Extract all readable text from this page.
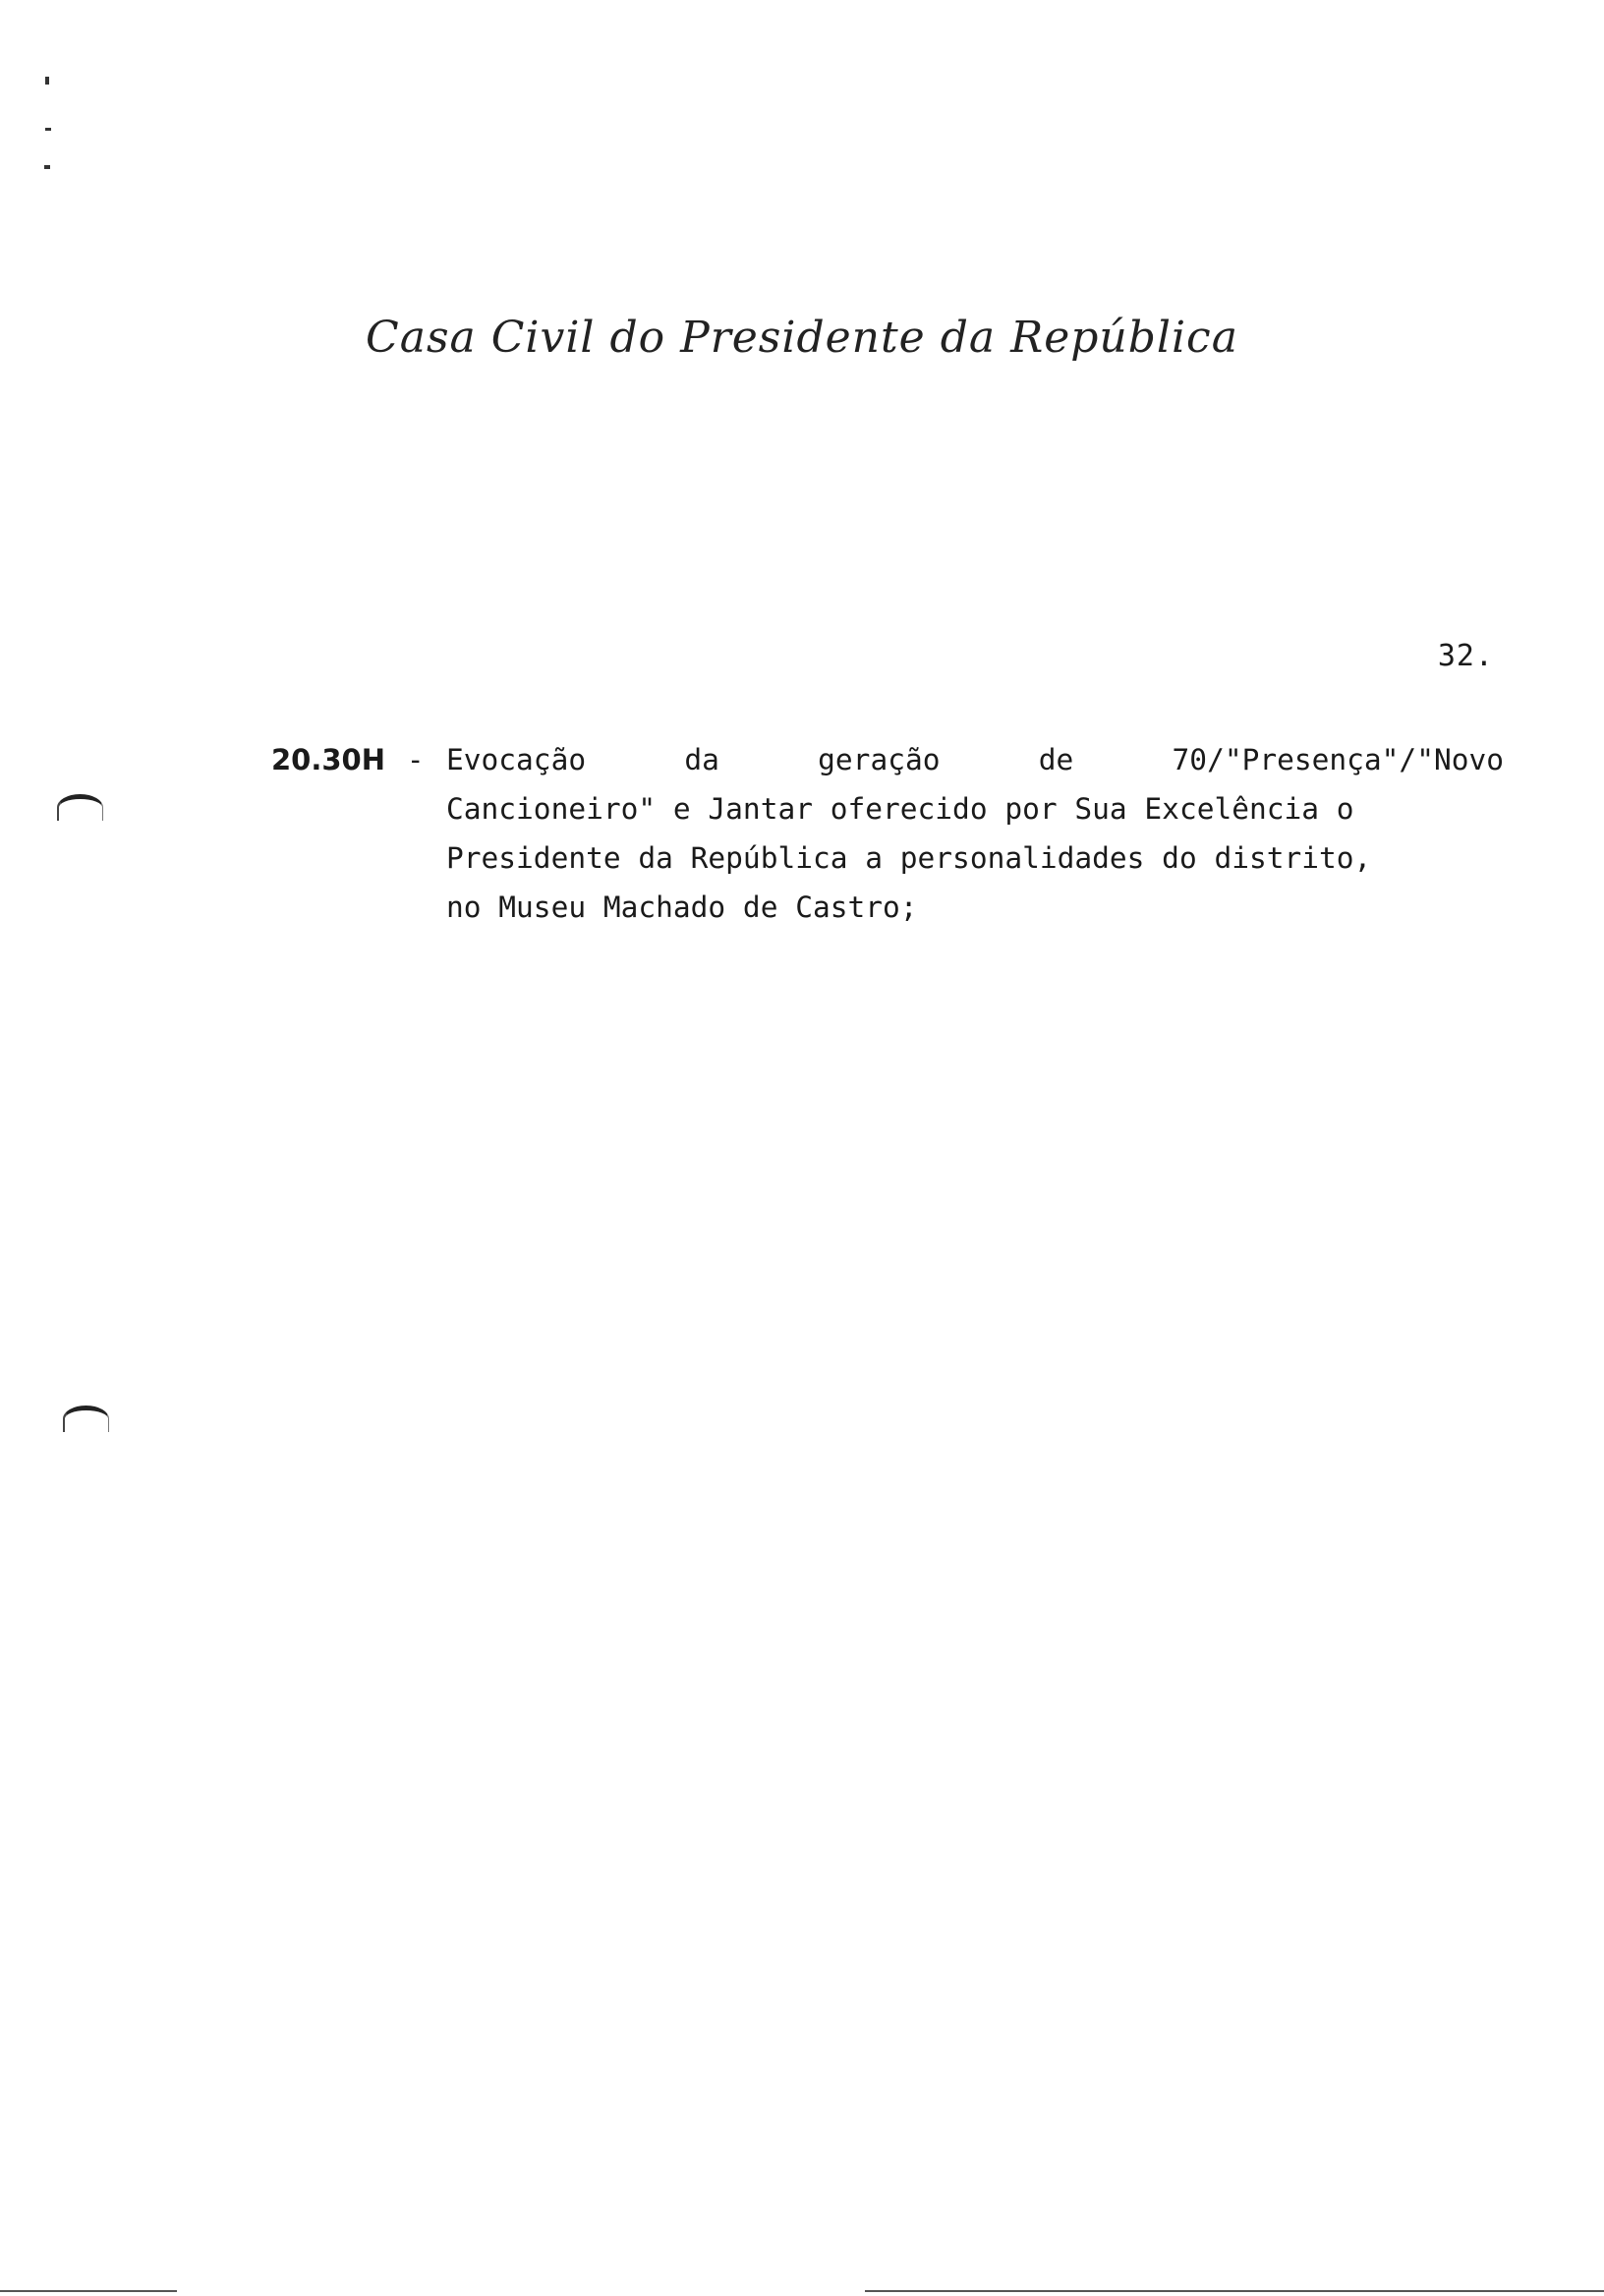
Casa Civil do Presidente da República
32.
20.30H - Evocação	da	geração	de	70/"Presença"/"Novo
Cancioneiro" e Jantar oferecido por Sua Excelência o
Presidente da República a personalidades do distrito,
no Museu Machado de Castro;
